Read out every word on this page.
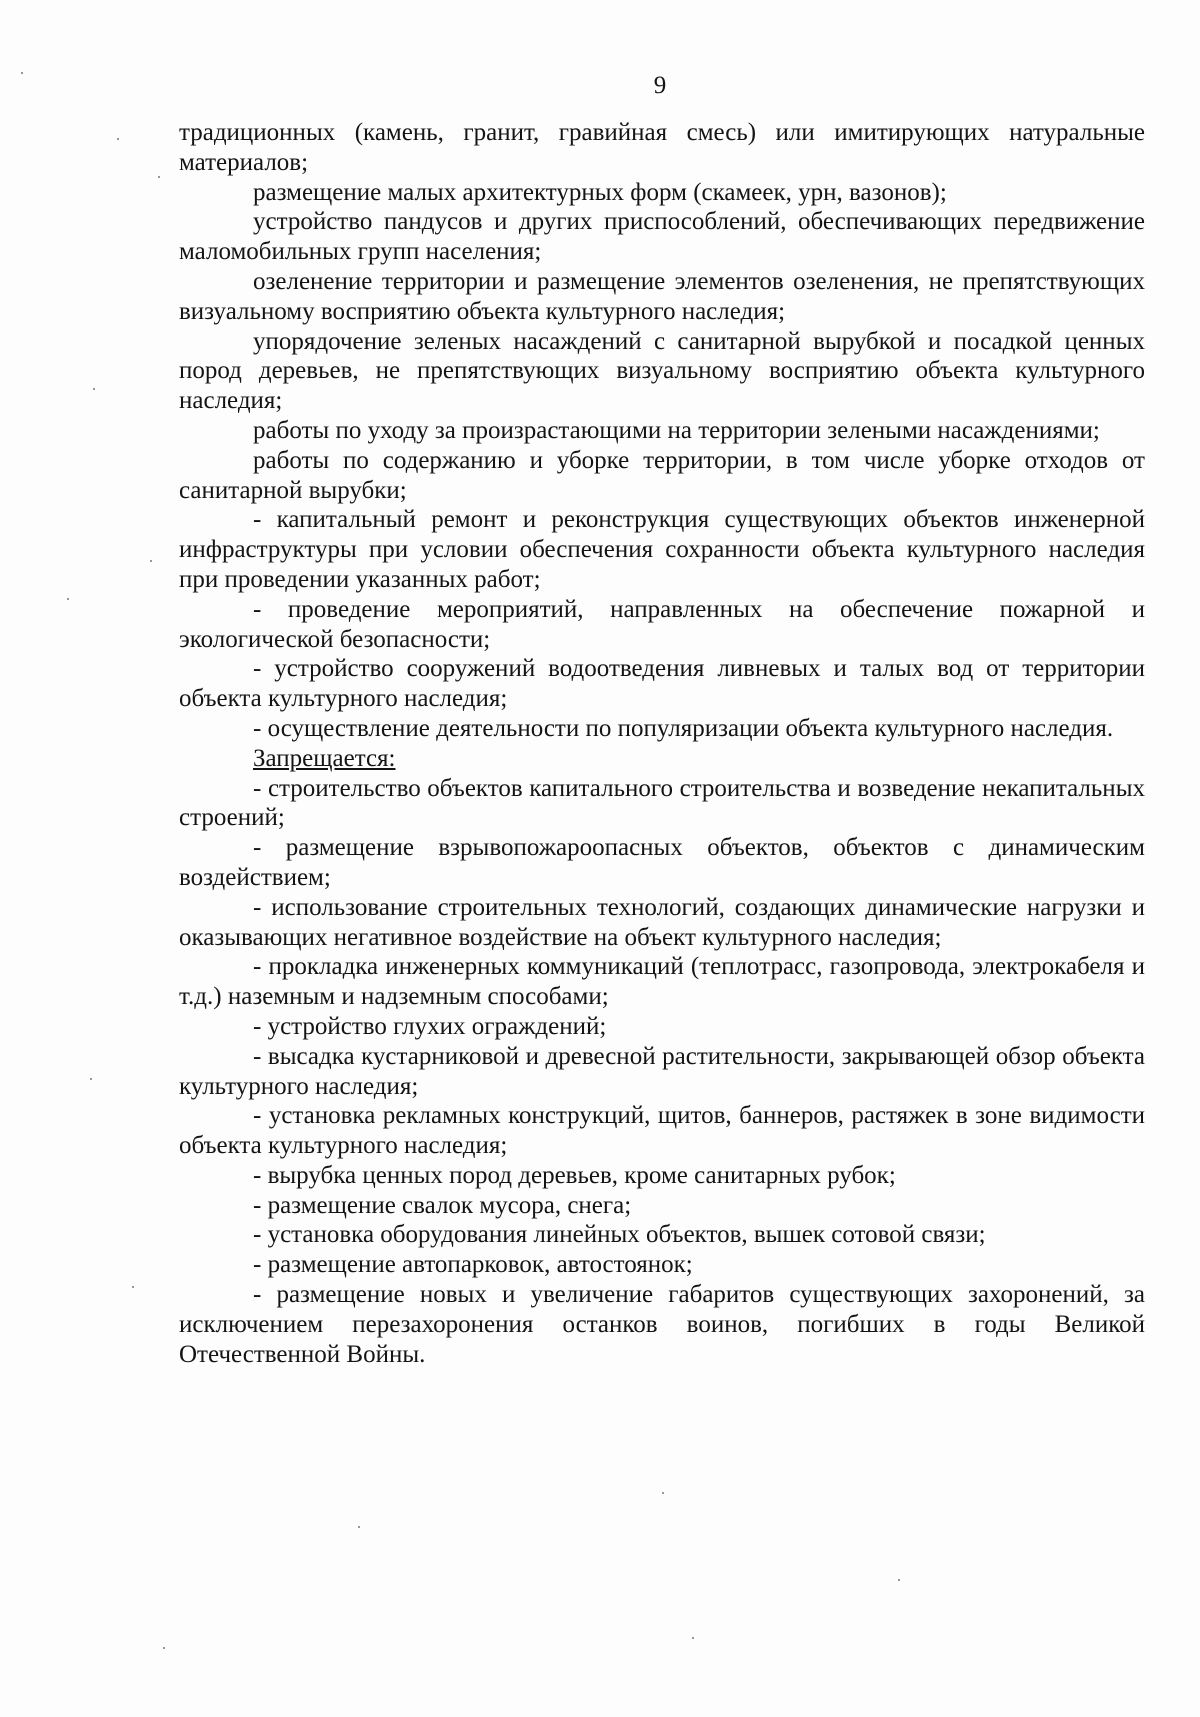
9

традиционных (камень, гранит, гравийная смесь) или имитирующих натуральные материалов;

размещение малых архитектурных форм (скамеек, урн, вазонов);

устройство пандусов и других приспособлений, обеспечивающих передвижение маломобильных групп населения;

озеленение территории и размещение элементов озеленения, не препятствующих визуальному восприятию объекта культурного наследия;

упорядочение зеленых насаждений с санитарной вырубкой и посадкой ценных пород деревьев, не препятствующих визуальному восприятию объекта культурного наследия;

работы по уходу за произрастающими на территории зелеными насаждениями;

работы по содержанию и уборке территории, в том числе уборке отходов от санитарной вырубки;

- капитальный ремонт и реконструкция существующих объектов инженерной инфраструктуры при условии обеспечения сохранности объекта культурного наследия при проведении указанных работ;

- проведение мероприятий, направленных на обеспечение пожарной и экологической безопасности;

- устройство сооружений водоотведения ливневых и талых вод от территории объекта культурного наследия;

- осуществление деятельности по популяризации объекта культурного наследия.

Запрещается:

- строительство объектов капитального строительства и возведение некапитальных строений;

- размещение взрывопожароопасных объектов, объектов с динамическим воздействием;

- использование строительных технологий, создающих динамические нагрузки и оказывающих негативное воздействие на объект культурного наследия;

- прокладка инженерных коммуникаций (теплотрасс, газопровода, электрокабеля и т.д.) наземным и надземным способами;

- устройство глухих ограждений;

- высадка кустарниковой и древесной растительности, закрывающей обзор объекта культурного наследия;

- установка рекламных конструкций, щитов, баннеров, растяжек в зоне видимости объекта культурного наследия;

- вырубка ценных пород деревьев, кроме санитарных рубок;

- размещение свалок мусора, снега;

- установка оборудования линейных объектов, вышек сотовой связи;

- размещение автопарковок, автостоянок;

- размещение новых и увеличение габаритов существующих захоронений, за исключением перезахоронения останков воинов, погибших в годы Великой Отечественной Войны.
